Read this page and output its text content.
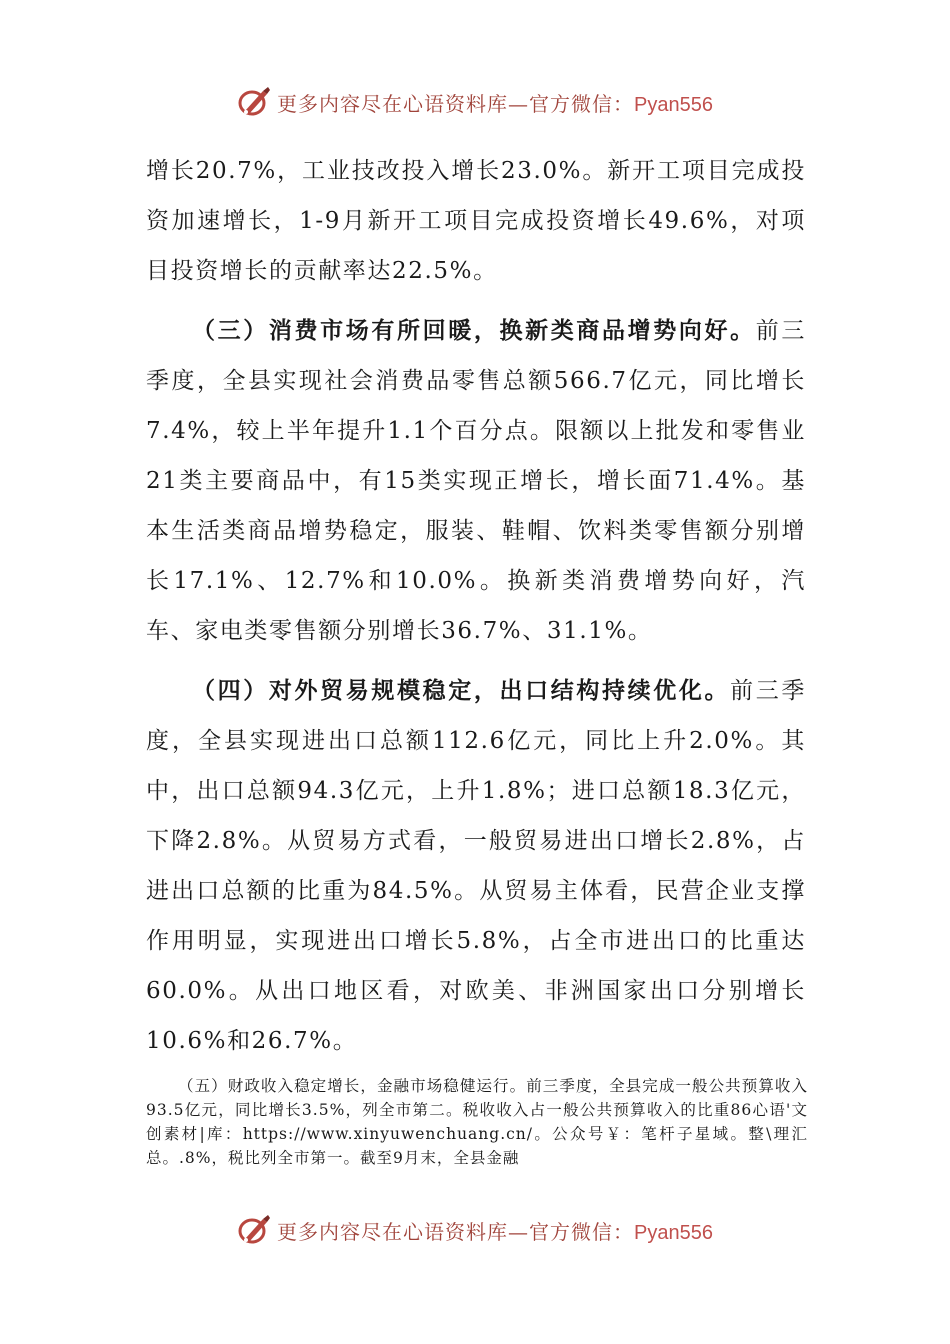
更多内容尽在心语资料库—官方微信：Pyan556

增长20.7%，工业技改投入增长23.0%。新开工项目完成投资加速增长，1-9月新开工项目完成投资增长49.6%，对项目投资增长的贡献率达22.5%。

（三）消费市场有所回暖，换新类商品增势向好。前三季度，全县实现社会消费品零售总额566.7亿元，同比增长7.4%，较上半年提升1.1个百分点。限额以上批发和零售业21类主要商品中，有15类实现正增长，增长面71.4%。基本生活类商品增势稳定，服装、鞋帽、饮料类零售额分别增长17.1%、12.7%和10.0%。换新类消费增势向好，汽车、家电类零售额分别增长36.7%、31.1%。

（四）对外贸易规模稳定，出口结构持续优化。前三季度，全县实现进出口总额112.6亿元，同比上升2.0%。其中，出口总额94.3亿元，上升1.8%；进口总额18.3亿元，下降2.8%。从贸易方式看，一般贸易进出口增长2.8%，占进出口总额的比重为84.5%。从贸易主体看，民营企业支撑作用明显，实现进出口增长5.8%，占全市进出口的比重达60.0%。从出口地区看，对欧美、非洲国家出口分别增长10.6%和26.7%。

（五）财政收入稳定增长，金融市场稳健运行。前三季度，全县完成一般公共预算收入93.5亿元，同比增长3.5%，列全市第二。税收收入占一般公共预算收入的比重86心语'文创素材|库：https://www.xinyuwenchuang.cn/。公众号￥：笔杆子星域。整\理汇总。.8%，税比列全市第一。截至9月末，全县金融

更多内容尽在心语资料库—官方微信：Pyan556
